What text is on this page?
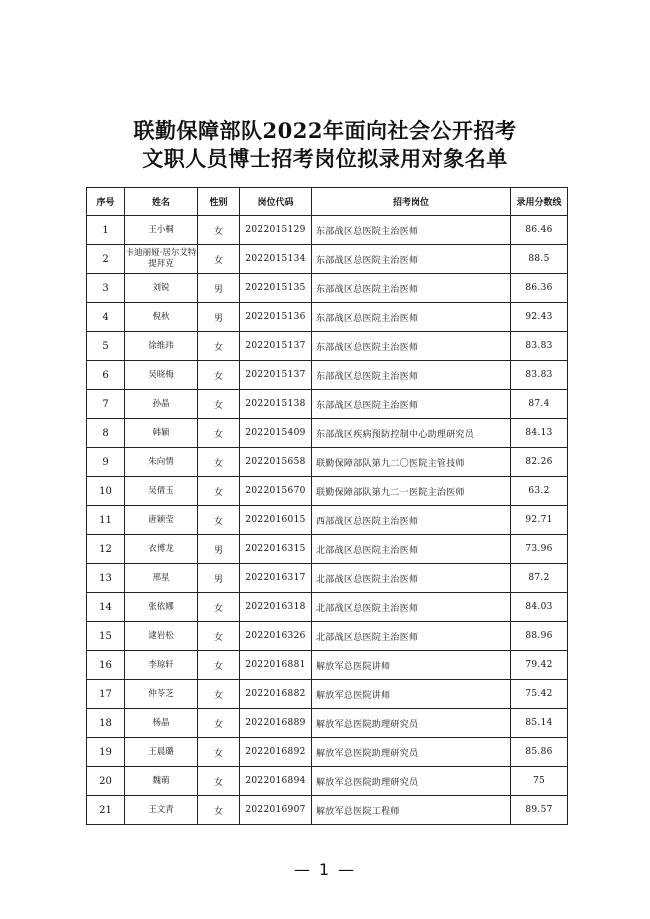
联勤保障部队2022年面向社会公开招考
文职人员博士招考岗位拟录用对象名单
序号	姓名	性别	岗位代码	招考岗位	录用分数线
1	王小桐	女	2022015129	东部战区总医院主治医师	86.46
2	卡迪丽娅·居尔艾特提拜克	女	2022015134	东部战区总医院主治医师	88.5
3	刘锐	男	2022015135	东部战区总医院主治医师	86.36
4	倪秋	男	2022015136	东部战区总医院主治医师	92.43
5	徐维玮	女	2022015137	东部战区总医院主治医师	83.83
6	吴晓梅	女	2022015137	东部战区总医院主治医师	83.83
7	孙晶	女	2022015138	东部战区总医院主治医师	87.4
8	韩颖	女	2022015409	东部战区疾病预防控制中心助理研究员	84.13
9	朱向情	女	2022015658	联勤保障部队第九二〇医院主管技师	82.26
10	吴倩玉	女	2022015670	联勤保障部队第九二一医院主治医师	63.2
11	唐颖莹	女	2022016015	西部战区总医院主治医师	92.71
12	衣博龙	男	2022016315	北部战区总医院主治医师	73.96
13	邢星	男	2022016317	北部战区总医院主治医师	87.2
14	张依娜	女	2022016318	北部战区总医院主治医师	84.03
15	逮岩松	女	2022016326	北部战区总医院主治医师	88.96
16	李琼轩	女	2022016881	解放军总医院讲师	79.42
17	仲苓芝	女	2022016882	解放军总医院讲师	75.42
18	杨晶	女	2022016889	解放军总医院助理研究员	85.14
19	王晨璐	女	2022016892	解放军总医院助理研究员	85.86
20	魏萌	女	2022016894	解放军总医院助理研究员	75
21	王文青	女	2022016907	解放军总医院工程师	89.57
— 1 —
